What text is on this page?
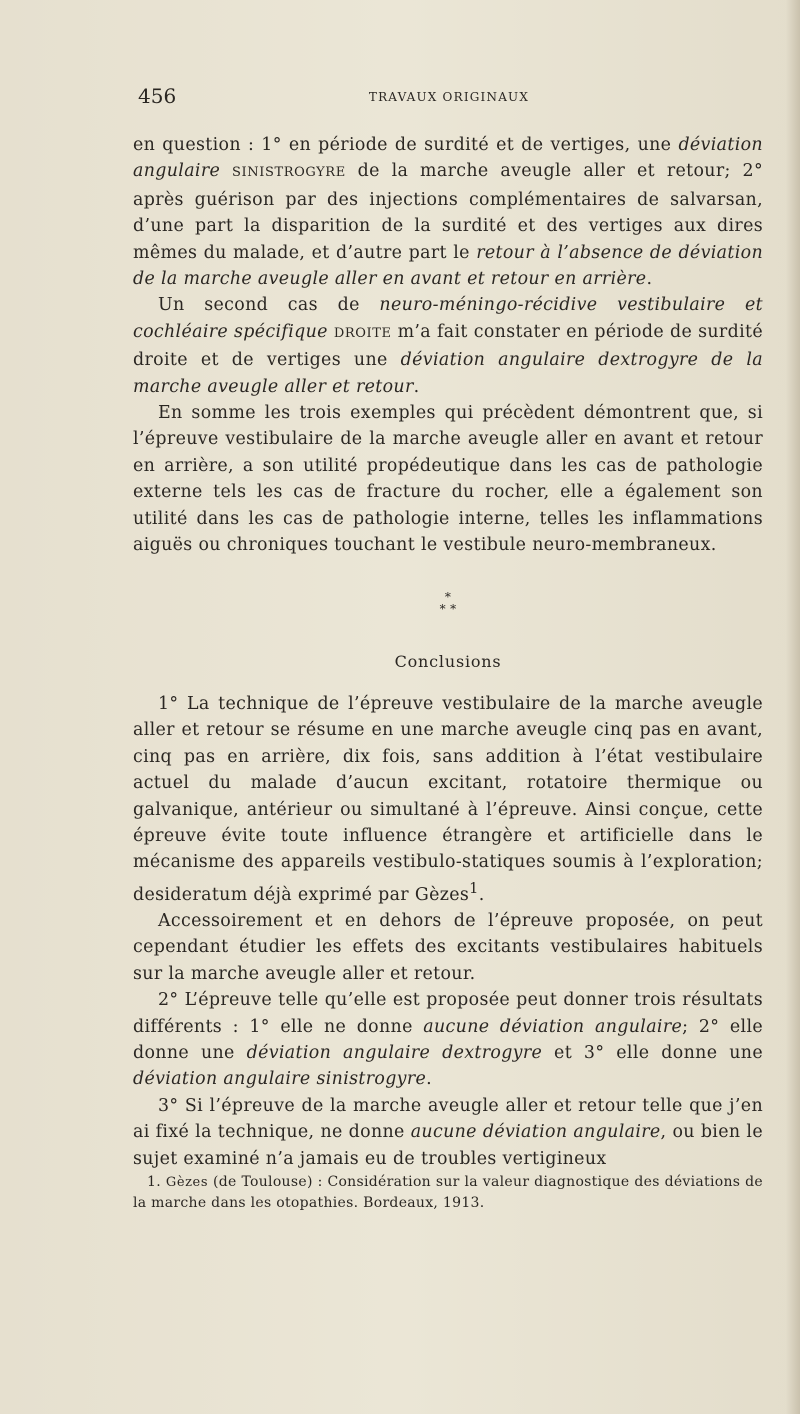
456	TRAVAUX ORIGINAUX

en question : 1° en période de surdité et de vertiges, une déviation angulaire SINISTROGYRE de la marche aveugle aller et retour; 2° après guérison par des injections complémentaires de salvarsan, d’une part la disparition de la surdité et des vertiges aux dires mêmes du malade, et d’autre part le retour à l’absence de déviation de la marche aveugle aller en avant et retour en arrière.

Un second cas de neuro-méningo-récidive vestibulaire et cochléaire spécifique DROITE m’a fait constater en période de surdité droite et de vertiges une déviation angulaire dextrogyre de la marche aveugle aller et retour.

En somme les trois exemples qui précèdent démontrent que, si l’épreuve vestibulaire de la marche aveugle aller en avant et retour en arrière, a son utilité propédeutique dans les cas de pathologie externe tels les cas de fracture du rocher, elle a également son utilité dans les cas de pathologie interne, telles les inflammations aiguës ou chroniques touchant le vestibule neuro-membraneux.

*
* *
Conclusions

1° La technique de l’épreuve vestibulaire de la marche aveugle aller et retour se résume en une marche aveugle cinq pas en avant, cinq pas en arrière, dix fois, sans addition à l’état vestibulaire actuel du malade d’aucun excitant, rotatoire thermique ou galvanique, antérieur ou simultané à l’épreuve. Ainsi conçue, cette épreuve évite toute influence étrangère et artificielle dans le mécanisme des appareils vestibulo-statiques soumis à l’exploration; desideratum déjà exprimé par Gèzes$^1$.

Accessoirement et en dehors de l’épreuve proposée, on peut cependant étudier les effets des excitants vestibulaires habituels sur la marche aveugle aller et retour.

2° L’épreuve telle qu’elle est proposée peut donner trois résultats différents : 1° elle ne donne aucune déviation angulaire; 2° elle donne une déviation angulaire dextrogyre et 3° elle donne une déviation angulaire sinistrogyre.

3° Si l’épreuve de la marche aveugle aller et retour telle que j’en ai fixé la technique, ne donne aucune déviation angulaire, ou bien le sujet examiné n’a jamais eu de troubles vertigineux

1. Gèzes (de Toulouse) : Considération sur la valeur diagnostique des déviations de la marche dans les otopathies. Bordeaux, 1913.
